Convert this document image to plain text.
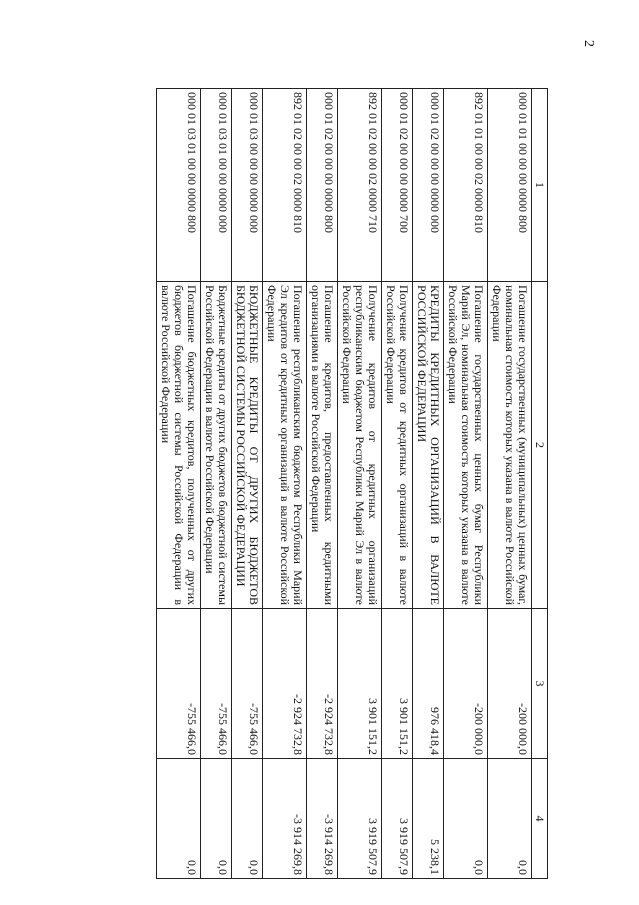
2
1	2	3	4
000 01 01 00 00 00 0000 800	Погашение государственных (муниципальных) ценных бумаг, номинальная стоимость которых указана в валюте Российской Федерации	-200 000,0	0,0
892 01 01 00 00 02 0000 810	Погашение государственных ценных бумаг Республики Марий Эл, номинальная стоимость которых указана в валюте Российской Федерации	-200 000,0	0,0
000 01 02 00 00 00 0000 000	КРЕДИТЫ КРЕДИТНЫХ ОРГАНИЗАЦИЙ В ВАЛЮТЕ РОССИЙСКОЙ ФЕДЕРАЦИИ	976 418,4	5 238,1
000 01 02 00 00 00 0000 700	Получение кредитов от кредитных организаций в валюте Российской Федерации	3 901 151,2	3 919 507,9
892 01 02 00 00 02 0000 710	Получение кредитов от кредитных организаций республиканским бюджетом Республики Марий Эл в валюте Российской Федерации	3 901 151,2	3 919 507,9
000 01 02 00 00 00 0000 800	Погашение кредитов, предоставленных кредитными организациями в валюте Российской Федерации	-2 924 732,8	-3 914 269,8
892 01 02 00 00 02 0000 810	Погашение республиканским бюджетом Республики Марий Эл кредитов от кредитных организаций в валюте Российской Федерации	-2 924 732,8	-3 914 269,8
000 01 03 00 00 00 0000 000	БЮДЖЕТНЫЕ КРЕДИТЫ ОТ ДРУГИХ БЮДЖЕТОВ БЮДЖЕТНОЙ СИСТЕМЫ РОССИЙСКОЙ ФЕДЕРАЦИИ	-755 466,0	0,0
000 01 03 01 00 00 0000 000	Бюджетные кредиты от других бюджетов бюджетной системы Российской Федерации в валюте Российской Федерации	-755 466,0	0,0
000 01 03 01 00 00 0000 800	Погашение бюджетных кредитов, полученных от других бюджетов бюджетной системы Российской Федерации в валюте Российской Федерации	-755 466,0	0,0
